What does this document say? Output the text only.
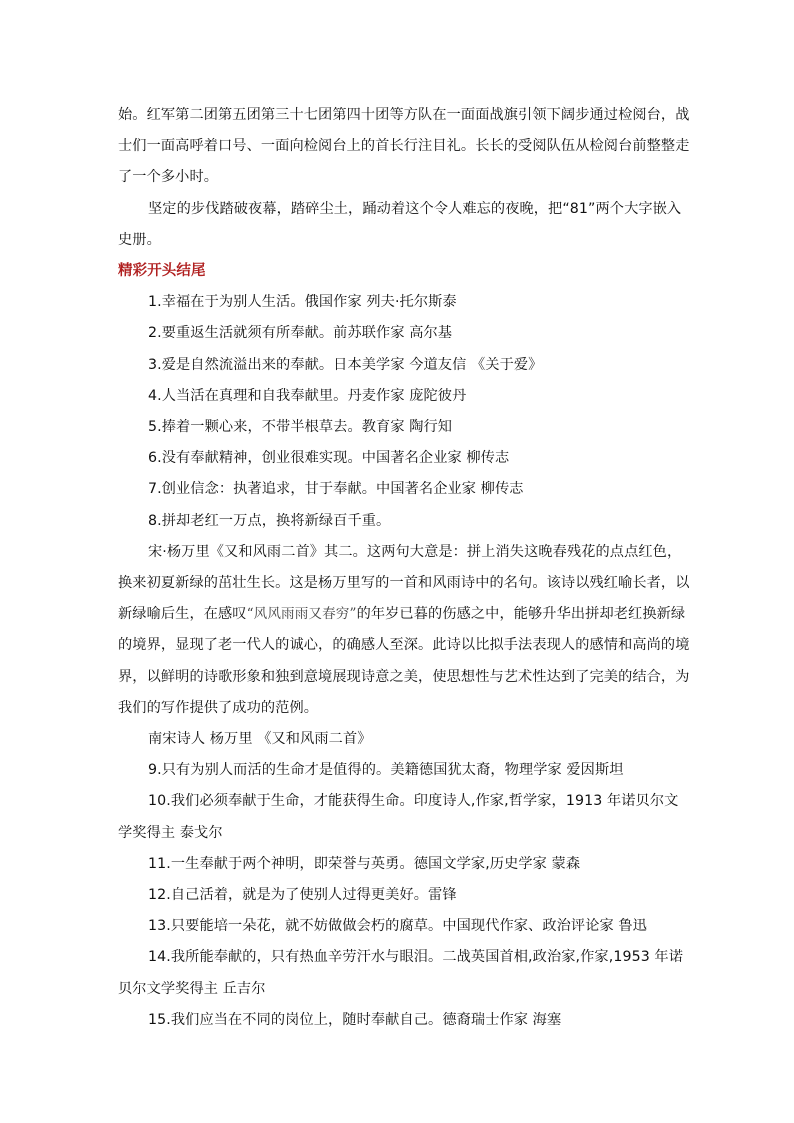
始。红军第二团第五团第三十七团第四十团等方队在一面面战旗引领下阔步通过检阅台，战士们一面高呼着口号、一面向检阅台上的首长行注目礼。长长的受阅队伍从检阅台前整整走了一个多小时。

坚定的步伐踏破夜幕，踏碎尘土，踊动着这个令人难忘的夜晚，把“81”两个大字嵌入史册。

精彩开头结尾

1.幸福在于为别人生活。俄国作家 列夫·托尔斯泰

2.要重返生活就须有所奉献。前苏联作家 高尔基

3.爱是自然流溢出来的奉献。日本美学家 今道友信 《关于爱》

4.人当活在真理和自我奉献里。丹麦作家 庞陀彼丹

5.捧着一颗心来，不带半根草去。教育家 陶行知

6.没有奉献精神，创业很难实现。中国著名企业家 柳传志

7.创业信念：执著追求，甘于奉献。中国著名企业家 柳传志

8.拼却老红一万点，换将新绿百千重。

宋·杨万里《又和风雨二首》其二。这两句大意是：拼上消失这晚春残花的点点红色，换来初夏新绿的茁壮生长。这是杨万里写的一首和风雨诗中的名句。该诗以残红喻长者，以新绿喻后生，在感叹“风风雨雨又春穷”的年岁已暮的伤感之中，能够升华出拼却老红换新绿的境界，显现了老一代人的诚心，的确感人至深。此诗以比拟手法表现人的感情和高尚的境界，以鲜明的诗歌形象和独到意境展现诗意之美，使思想性与艺术性达到了完美的结合，为我们的写作提供了成功的范例。

南宋诗人 杨万里 《又和风雨二首》

9.只有为别人而活的生命才是值得的。美籍德国犹太裔，物理学家 爱因斯坦

10.我们必须奉献于生命，才能获得生命。印度诗人,作家,哲学家，1913 年诺贝尔文学奖得主 泰戈尔

11.一生奉献于两个神明，即荣誉与英勇。德国文学家,历史学家 蒙森

12.自己活着，就是为了使别人过得更美好。雷锋

13.只要能培一朵花，就不妨做做会朽的腐草。中国现代作家、政治评论家 鲁迅

14.我所能奉献的，只有热血辛劳汗水与眼泪。二战英国首相,政治家,作家,1953 年诺贝尔文学奖得主 丘吉尔

15.我们应当在不同的岗位上，随时奉献自己。德裔瑞士作家 海塞
